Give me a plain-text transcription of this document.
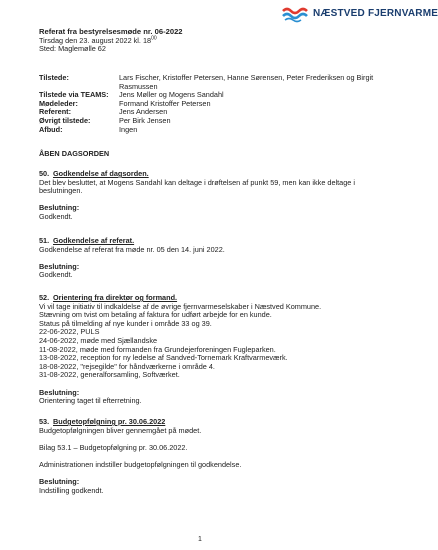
NÆSTVED FJERNVARME
Referat fra bestyrelsesmøde nr. 06-2022
Tirsdag den 23. august 2022 kl. $18^{00}$
Sted: Maglemølle 62
Tilstede:	Lars Fischer, Kristoffer Petersen, Hanne Sørensen, Peter Frederiksen og Birgit Rasmussen
Tilstede via TEAMS:	Jens Møller og Mogens Sandahl
Mødeleder:	Formand Kristoffer Petersen
Referent:	Jens Andersen
Øvrigt tilstede:	Per Birk Jensen
Afbud:	Ingen
ÅBEN DAGSORDEN
50. Godkendelse af dagsorden.
Det blev besluttet, at Mogens Sandahl kan deltage i drøftelsen af punkt 59, men kan ikke deltage i beslutningen.
Beslutning:
Godkendt.
51. Godkendelse af referat.
Godkendelse af referat fra møde nr. 05 den 14. juni 2022.
Beslutning:
Godkendt.
52. Orientering fra direktør og formand.
Vi vil tage initiativ til indkaldelse af de øvrige fjernvarmeselskaber i Næstved Kommune.
Stævning om tvist om betaling af faktura for udført arbejde for en kunde.
Status på tilmelding af nye kunder i område 33 og 39.
22-06-2022, PULS
24-06-2022, møde med Sjællandske
11-08-2022, møde med formanden fra Grundejerforeningen Fugleparken.
13-08-2022, reception for ny ledelse af Sandved-Tornemark Kraftvarmeværk.
18-08-2022, "rejsegilde" for håndværkerne i område 4.
31-08-2022, generalforsamling, Softværket.
Beslutning:
Orientering taget til efterretning.
53. Budgetopfølgning pr. 30.06.2022
Budgetopfølgningen bliver gennemgået på mødet.
Bilag 53.1 – Budgetopfølgning pr. 30.06.2022.
Administrationen indstiller budgetopfølgningen til godkendelse.
Beslutning:
Indstilling godkendt.
1
